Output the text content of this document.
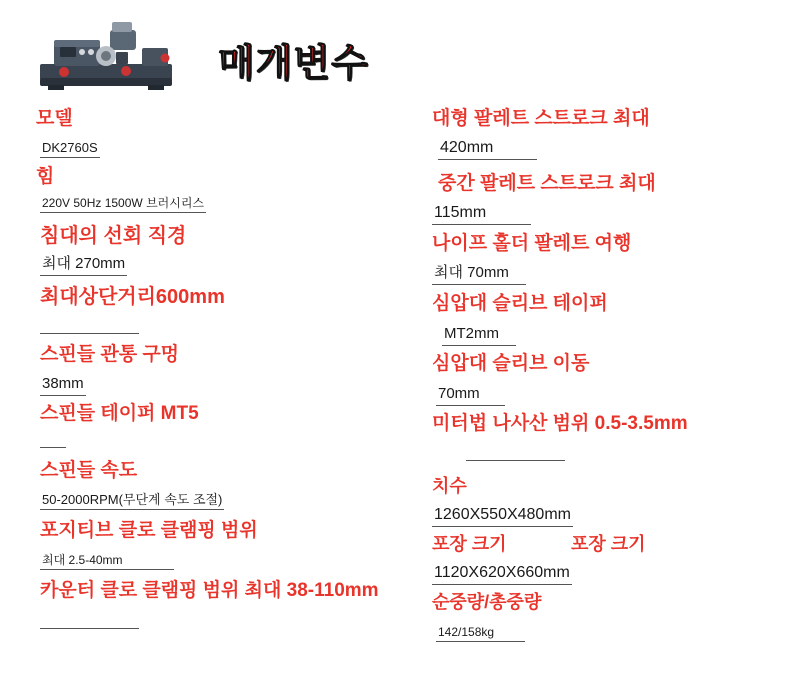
매개변수
모델
DK2760S
힘
220V 50Hz 1500W 브러시리스
침대의 선회 직경
최대 270mm
최대상단거리600mm
스핀들 관통 구멍
38mm
스핀들 테이퍼 MT5
스핀들 속도
50-2000RPM(무단계 속도 조절)
포지티브 클로 클램핑 범위
최대 2.5-40mm
카운터 클로 클램핑 범위 최대 38-110mm
대형 팔레트 스트로크 최대
420mm
중간 팔레트 스트로크 최대
115mm
나이프 홀더 팔레트 여행
최대 70mm
심압대 슬리브 테이퍼
MT2mm
심압대 슬리브 이동
70mm
미터법 나사산 범위 0.5-3.5mm
치수
1260X550X480mm
포장 크기	포장 크기
1120X620X660mm
순중량/총중량
142/158kg
